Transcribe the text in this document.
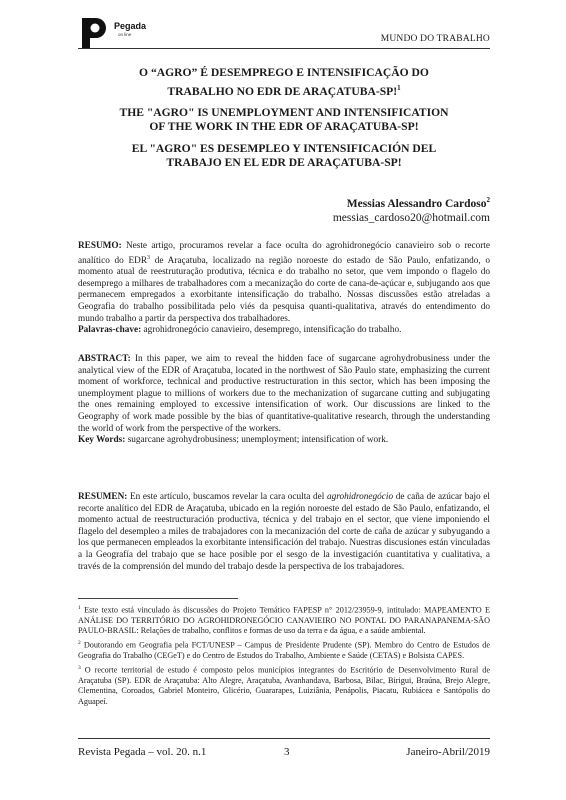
Pegada
on line	MUNDO DO TRABALHO
O “AGRO” É DESEMPREGO E INTENSIFICAÇÃO DO
TRABALHO NO EDR DE ARAÇATUBA-SP!$^1$
THE "AGRO" IS UNEMPLOYMENT AND INTENSIFICATION
OF THE WORK IN THE EDR OF ARAÇATUBA-SP!
EL "AGRO" ES DESEMPLEO Y INTENSIFICACIÓN DEL
TRABAJO EN EL EDR DE ARAÇATUBA-SP!
Messias Alessandro Cardoso$^2$
messias_cardoso20@hotmail.com

RESUMO: Neste artigo, procuramos revelar a face oculta do agrohidronegócio canavieiro sob o recorte analítico do EDR$^3$ de Araçatuba, localizado na região noroeste do estado de São Paulo, enfatizando, o momento atual de reestruturação produtiva, técnica e do trabalho no setor, que vem impondo o flagelo do desemprego a milhares de trabalhadores com a mecanização do corte de cana-de-açúcar e, subjugando aos que permanecem empregados a exorbitante intensificação do trabalho. Nossas discussões estão atreladas a Geografia do trabalho possibilitada pelo viés da pesquisa quanti-qualitativa, através do entendimento do mundo trabalho a partir da perspectiva dos trabalhadores.

Palavras-chave: agrohidronegócio canavieiro, desemprego, intensificação do trabalho.

ABSTRACT: In this paper, we aim to reveal the hidden face of sugarcane agrohydrobusiness under the analytical view of the EDR of Araçatuba, located in the northwest of São Paulo state, emphasizing the current moment of workforce, technical and productive restructuration in this sector, which has been imposing the unemployment plague to millions of workers due to the mechanization of sugarcane cutting and subjugating the ones remaining employed to excessive intensification of work. Our discussions are linked to the Geography of work made possible by the bias of quantitative-qualitative research, through the understanding the world of work from the perspective of the workers.

Key Words: sugarcane agrohydrobusiness; unemployment; intensification of work.

RESUMEN: En este artículo, buscamos revelar la cara oculta del agrohidronegócio de caña de azúcar bajo el recorte analítico del EDR de Araçatuba, ubicado en la región noroeste del estado de São Paulo, enfatizando, el momento actual de reestructuración productiva, técnica y del trabajo en el sector, que viene imponiendo el flagelo del desempleo a miles de trabajadores con la mecanización del corte de caña de azúcar y subyugando a los que permanecen empleados la exorbitante intensificación del trabajo. Nuestras discusiones están vinculadas a la Geografía del trabajo que se hace posible por el sesgo de la investigación cuantitativa y cualitativa, a través de la comprensión del mundo del trabajo desde la perspectiva de los trabajadores.

$^1$ Este texto está vinculado às discussões do Projeto Temático FAPESP n° 2012/23959-9, intitulado: MAPEAMENTO E ANÁLISE DO TERRITÓRIO DO AGROHIDRONEGÓCIO CANAVIEIRO NO PONTAL DO PARANAPANEMA-SÃO PAULO-BRASIL: Relações de trabalho, conflitos e formas de uso da terra e da água, e a saúde ambiental.

$^2$ Doutorando em Geografia pela FCT/UNESP – Campus de Presidente Prudente (SP). Membro do Centro de Estudos de Geografia do Trabalho (CEGeT) e do Centro de Estudos do Trabalho, Ambiente e Saúde (CETAS) e Bolsista CAPES.

$^3$ O recorte territorial de estudo é composto pelos municípios integrantes do Escritório de Desenvolvimento Rural de Araçatuba (SP). EDR de Araçatuba: Alto Alegre, Araçatuba, Avanhandava, Barbosa, Bilac, Birigui, Braúna, Brejo Alegre, Clementina, Coroados, Gabriel Monteiro, Glicério, Guararapes, Luiziânia, Penápolis, Piacatu, Rubiácea e Santópolis do Aguapeí.

Revista Pegada – vol. 20. n.1	3	Janeiro-Abril/2019
